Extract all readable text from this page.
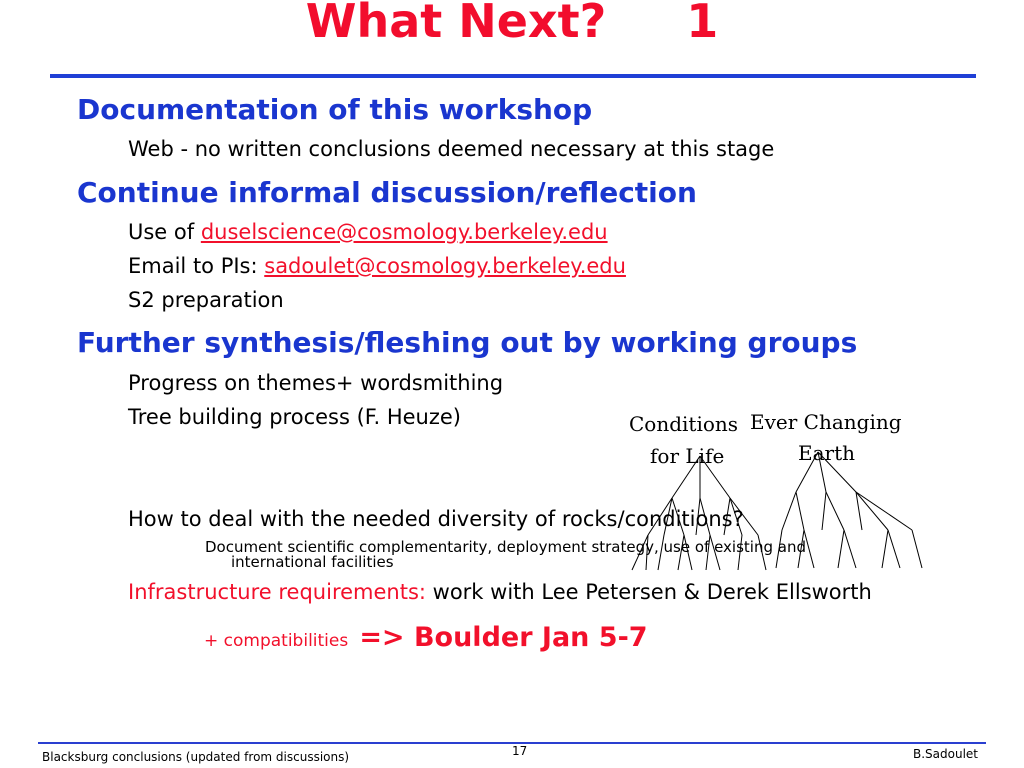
What Next? 1
Documentation of this workshop
Web - no written conclusions deemed necessary at this stage
Continue informal discussion/reflection
Use of duselscience@cosmology.berkeley.edu
Email to PIs: sadoulet@cosmology.berkeley.edu
S2 preparation
Further synthesis/fleshing out by working groups
Progress on themes+ wordsmithing
Tree building process (F. Heuze)	Conditions
for Life
Ever Changing
Earth
How to deal with the needed diversity of rocks/conditions?
Document scientific complementarity, deployment strategy, use of existing and
international facilities
Infrastructure requirements: work with Lee Petersen & Derek Ellsworth
+ compatibilities => Boulder Jan 5-7
Blacksburg conclusions (updated from discussions)	17	B.Sadoulet
